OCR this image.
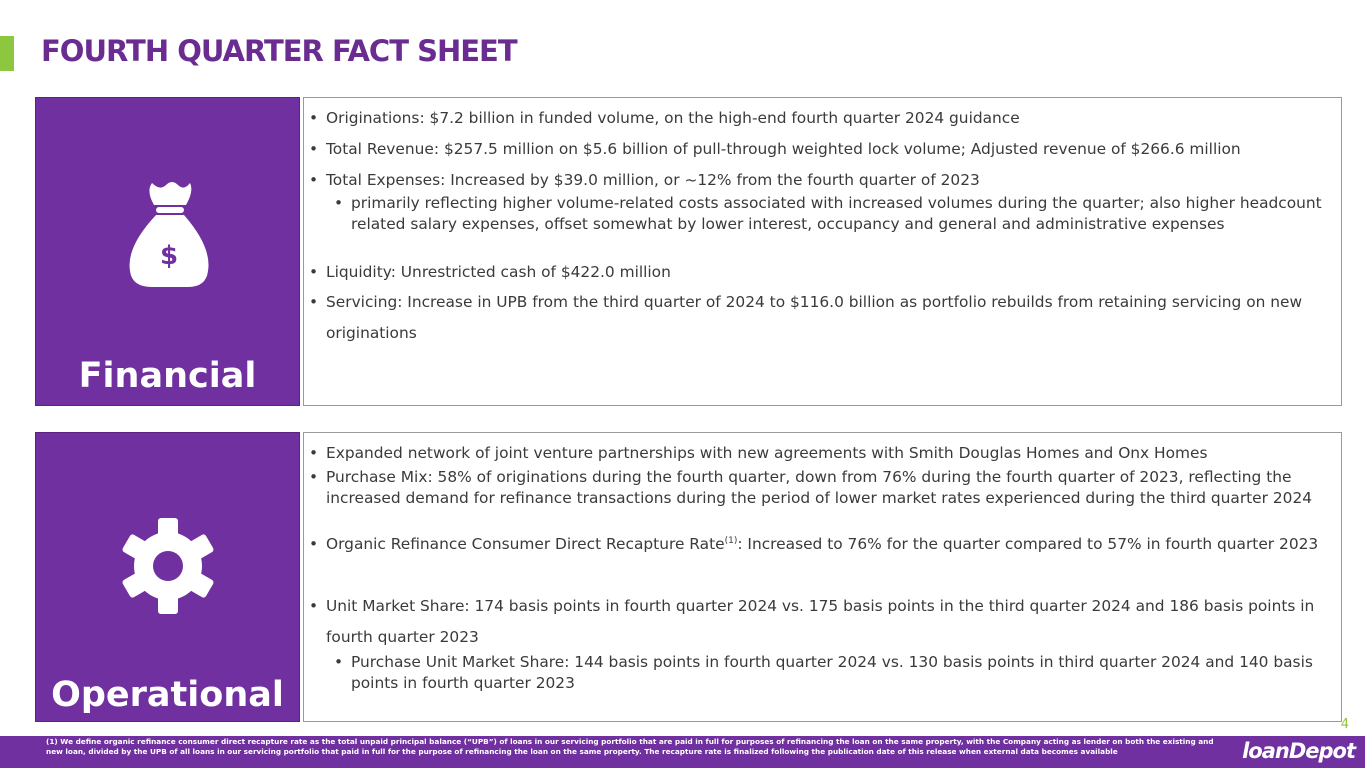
FOURTH QUARTER FACT SHEET
$
Financial
• Originations: $7.2 billion in funded volume, on the high-end fourth quarter 2024 guidance
• Total Revenue: $257.5 million on $5.6 billion of pull-through weighted lock volume; Adjusted revenue of $266.6 million
• Total Expenses: Increased by $39.0 million, or ~12% from the fourth quarter of 2023
• primarily reflecting higher volume-related costs associated with increased volumes during the quarter; also higher headcount related salary expenses, offset somewhat by lower interest, occupancy and general and administrative expenses
• Liquidity: Unrestricted cash of $422.0 million
• Servicing: Increase in UPB from the third quarter of 2024 to $116.0 billion as portfolio rebuilds from retaining servicing on new originations
Operational
• Expanded network of joint venture partnerships with new agreements with Smith Douglas Homes and Onx Homes
• Purchase Mix: 58% of originations during the fourth quarter, down from 76% during the fourth quarter of 2023, reflecting the increased demand for refinance transactions during the period of lower market rates experienced during the third quarter 2024
• Organic Refinance Consumer Direct Recapture Rate$^{(1)}$: Increased to 76% for the quarter compared to 57% in fourth quarter 2023
• Unit Market Share: 174 basis points in fourth quarter 2024 vs. 175 basis points in the third quarter 2024 and 186 basis points in fourth quarter 2023
• Purchase Unit Market Share: 144 basis points in fourth quarter 2024 vs. 130 basis points in third quarter 2024 and 140 basis points in fourth quarter 2023
4
(1) We define organic refinance consumer direct recapture rate as the total unpaid principal balance (“UPB”) of loans in our servicing portfolio that are paid in full for purposes of refinancing the loan on the same property, with the Company acting as lender on both the existing and new loan, divided by the UPB of all loans in our servicing portfolio that paid in full for the purpose of refinancing the loan on the same property. The recapture rate is finalized following the publication date of this release when external data becomes available	loanDepot
